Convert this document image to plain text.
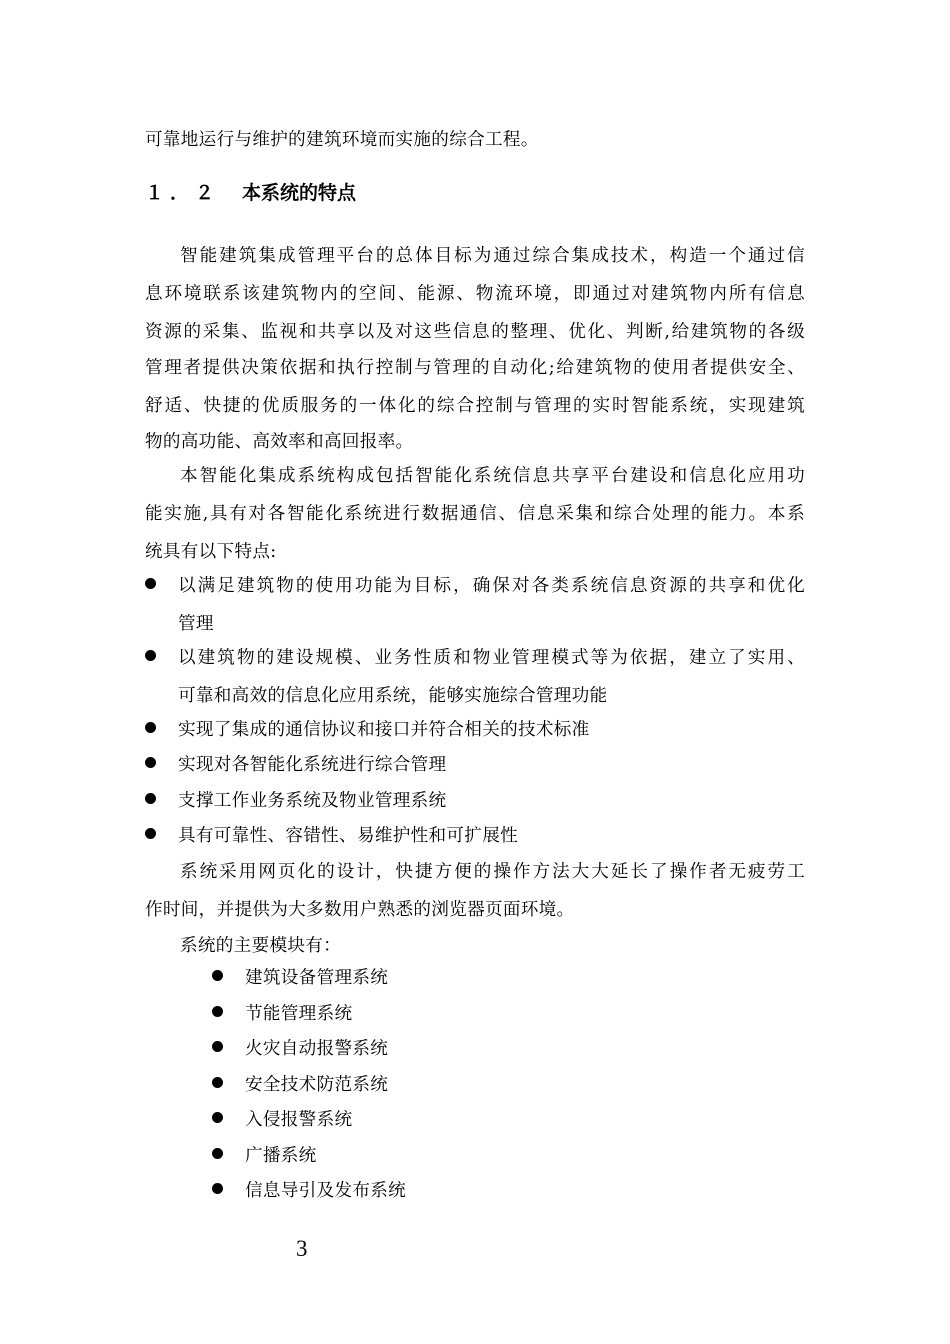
可靠地运行与维护的建筑环境而实施的综合工程。
１．２ 本系统的特点
智能建筑集成管理平台的总体目标为通过综合集成技术，构造一个通过信
息环境联系该建筑物内的空间、能源、物流环境，即通过对建筑物内所有信息
资源的采集、监视和共享以及对这些信息的整理、优化、判断,给建筑物的各级
管理者提供决策依据和执行控制与管理的自动化;给建筑物的使用者提供安全、
舒适、快捷的优质服务的一体化的综合控制与管理的实时智能系统，实现建筑
物的高功能、高效率和高回报率。
本智能化集成系统构成包括智能化系统信息共享平台建设和信息化应用功
能实施,具有对各智能化系统进行数据通信、信息采集和综合处理的能力。本系
统具有以下特点:
以满足建筑物的使用功能为目标，确保对各类系统信息资源的共享和优化
管理
以建筑物的建设规模、业务性质和物业管理模式等为依据，建立了实用、
可靠和高效的信息化应用系统，能够实施综合管理功能
实现了集成的通信协议和接口并符合相关的技术标准
实现对各智能化系统进行综合管理
支撑工作业务系统及物业管理系统
具有可靠性、容错性、易维护性和可扩展性
系统采用网页化的设计，快捷方便的操作方法大大延长了操作者无疲劳工
作时间，并提供为大多数用户熟悉的浏览器页面环境。
系统的主要模块有：
建筑设备管理系统
节能管理系统
火灾自动报警系统
安全技术防范系统
入侵报警系统
广播系统
信息导引及发布系统
3
